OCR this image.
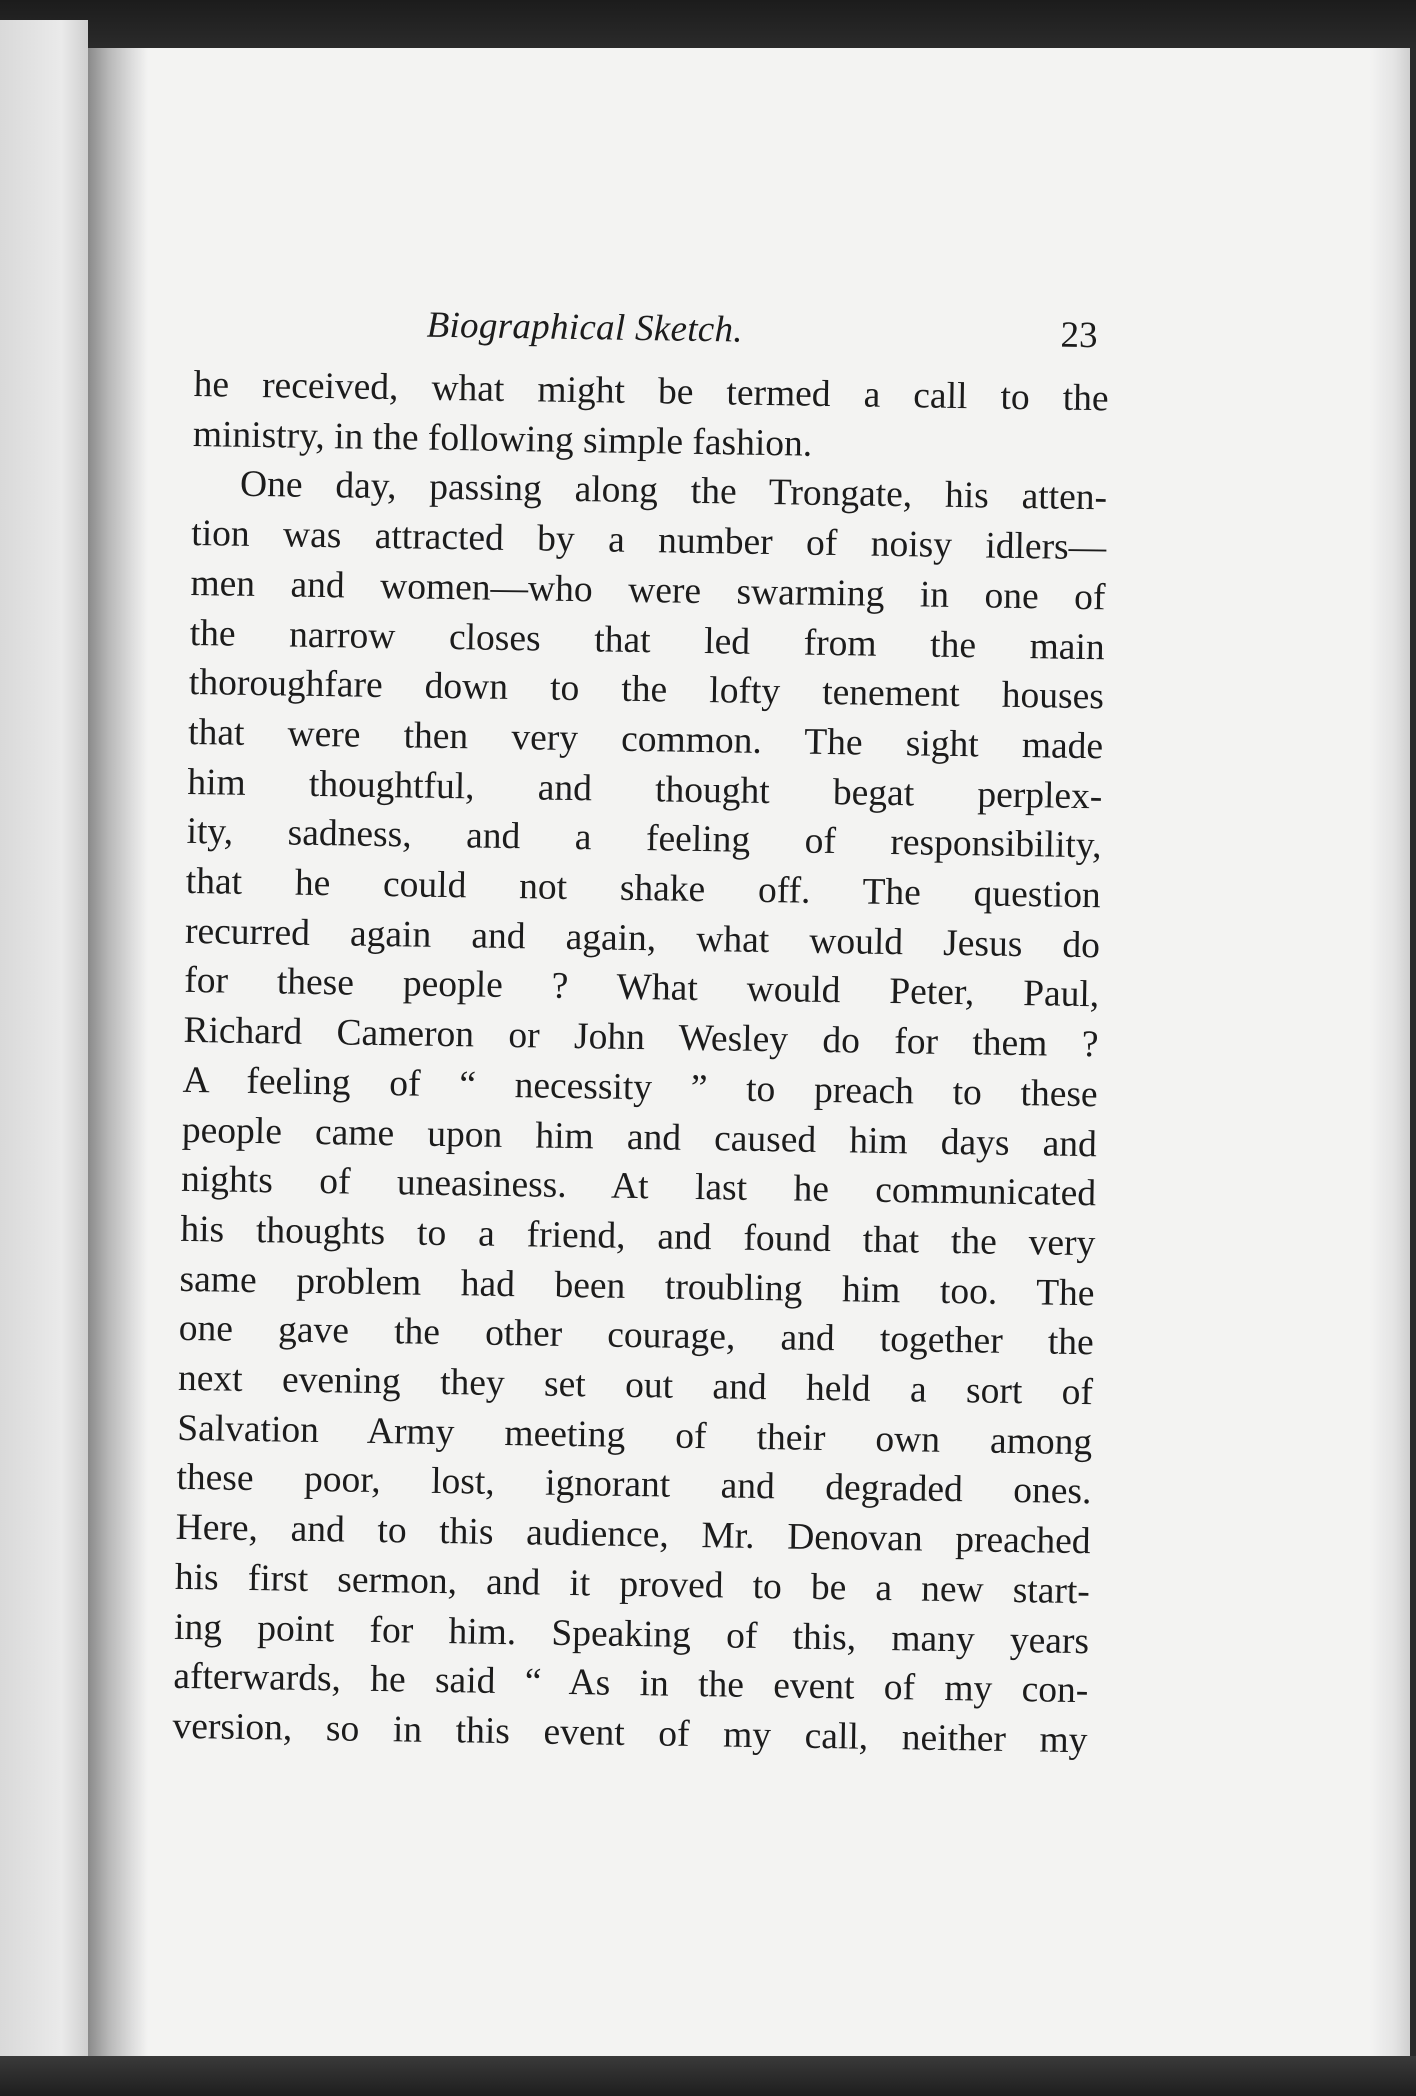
Biographical Sketch.	23
he received, what might be termed a call to the
ministry, in the following simple fashion.
One day, passing along the Trongate, his atten-
tion was attracted by a number of noisy idlers—
men and women—who were swarming in one of
the narrow closes that led from the main
thoroughfare down to the lofty tenement houses
that were then very common. The sight made
him thoughtful, and thought begat perplex-
ity, sadness, and a feeling of responsibility,
that he could not shake off. The question
recurred again and again, what would Jesus do
for these people ? What would Peter, Paul,
Richard Cameron or John Wesley do for them ?
A feeling of “ necessity ” to preach to these
people came upon him and caused him days and
nights of uneasiness. At last he communicated
his thoughts to a friend, and found that the very
same problem had been troubling him too. The
one gave the other courage, and together the
next evening they set out and held a sort of
Salvation Army meeting of their own among
these poor, lost, ignorant and degraded ones.
Here, and to this audience, Mr. Denovan preached
his first sermon, and it proved to be a new start-
ing point for him. Speaking of this, many years
afterwards, he said “ As in the event of my con-
version, so in this event of my call, neither my
